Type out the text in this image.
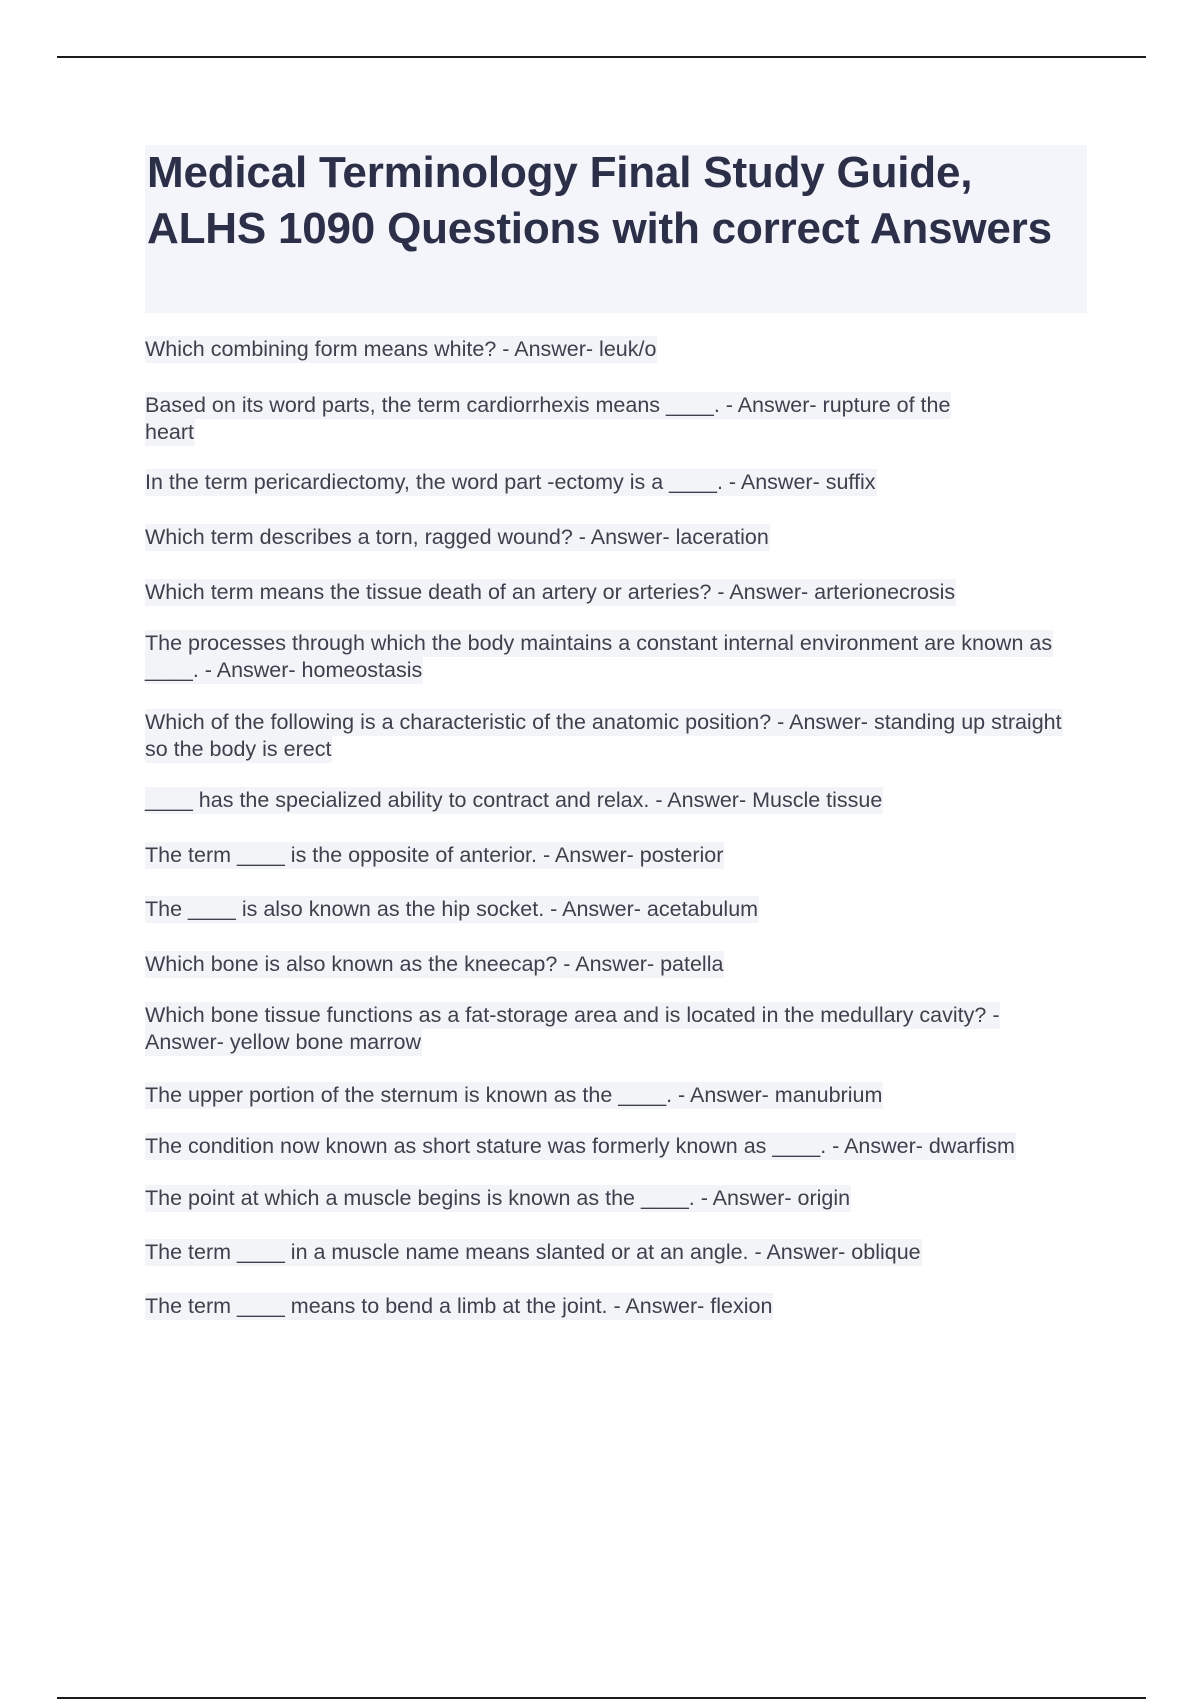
Medical Terminology Final Study Guide, ALHS 1090 Questions with correct Answers
Which combining form means white? - Answer- leuk/o
Based on its word parts, the term cardiorrhexis means ____. - Answer- rupture of the heart
In the term pericardiectomy, the word part -ectomy is a ____. - Answer- suffix
Which term describes a torn, ragged wound? - Answer- laceration
Which term means the tissue death of an artery or arteries? - Answer- arterionecrosis
The processes through which the body maintains a constant internal environment are known as ____. - Answer- homeostasis
Which of the following is a characteristic of the anatomic position? - Answer- standing up straight so the body is erect
____ has the specialized ability to contract and relax. - Answer- Muscle tissue
The term ____ is the opposite of anterior. - Answer- posterior
The ____ is also known as the hip socket. - Answer- acetabulum
Which bone is also known as the kneecap? - Answer- patella
Which bone tissue functions as a fat-storage area and is located in the medullary cavity? - Answer- yellow bone marrow
The upper portion of the sternum is known as the ____. - Answer- manubrium
The condition now known as short stature was formerly known as ____. - Answer- dwarfism
The point at which a muscle begins is known as the ____. - Answer- origin
The term ____ in a muscle name means slanted or at an angle. - Answer- oblique
The term ____ means to bend a limb at the joint. - Answer- flexion
